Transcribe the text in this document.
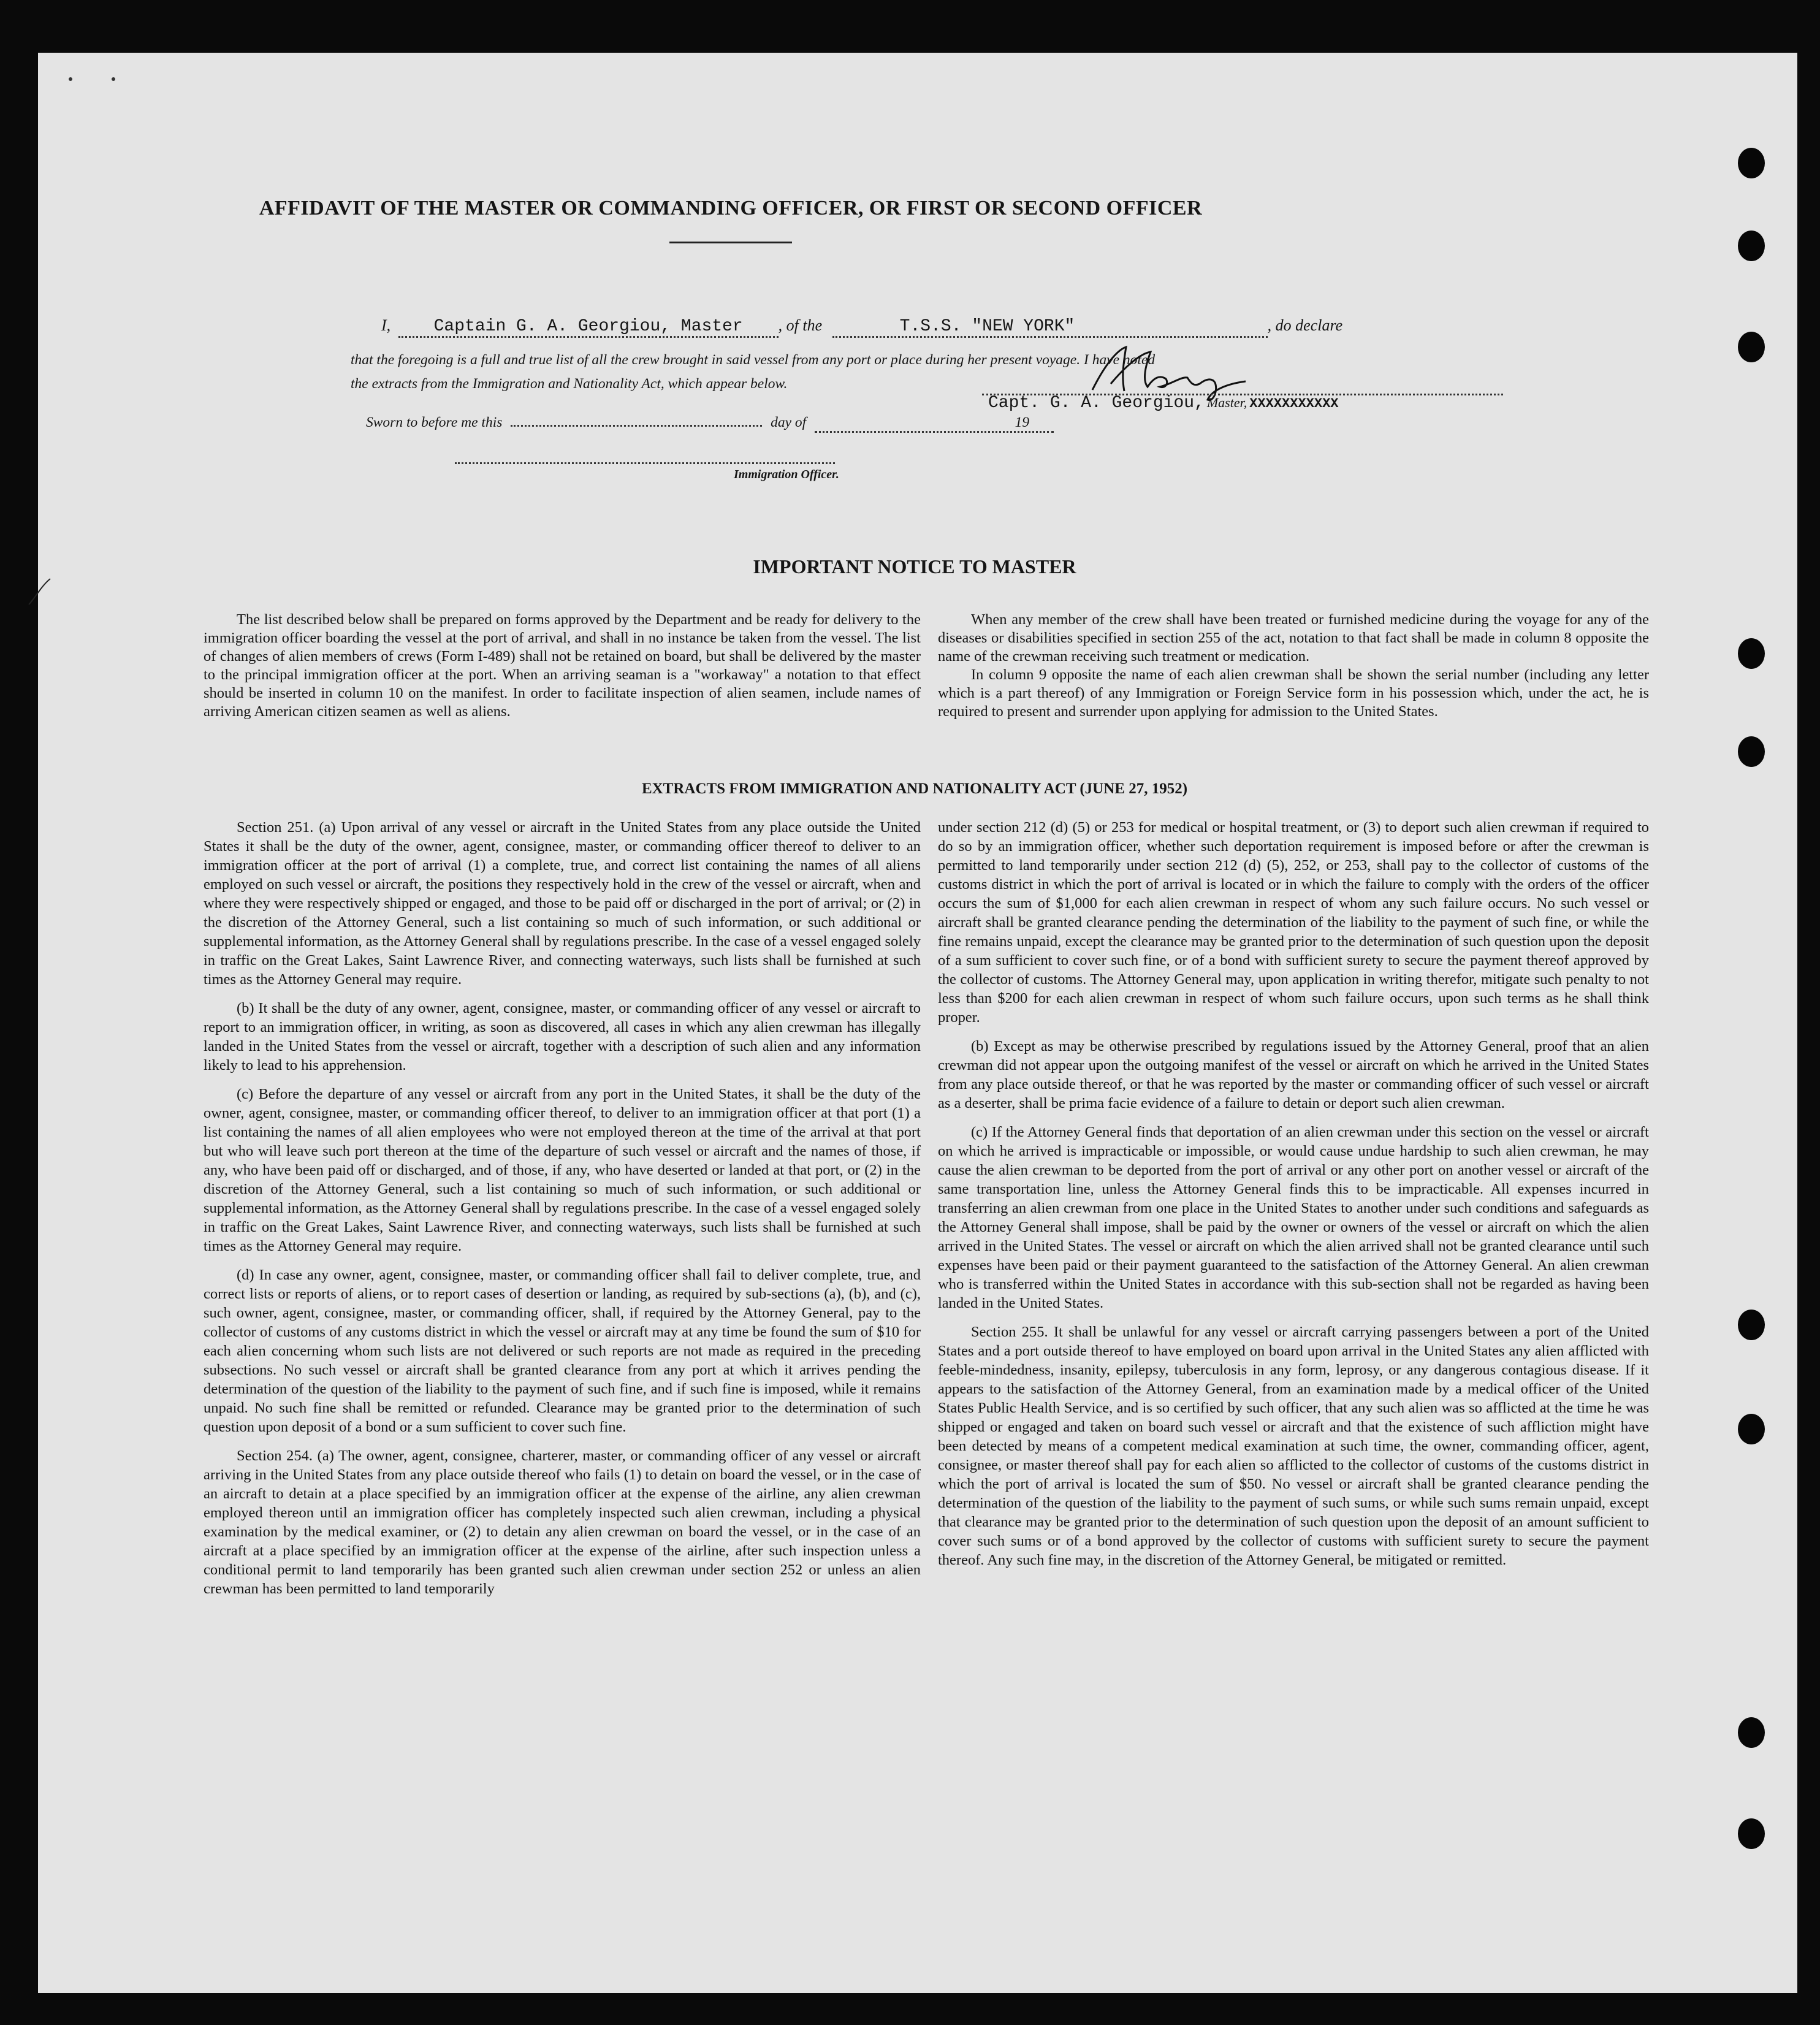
AFFIDAVIT OF THE MASTER OR COMMANDING OFFICER, OR FIRST OR SECOND OFFICER
I,	Captain G. A. Georgiou, Master , of the	T.S.S. "NEW YORK"	, do declare
that the foregoing is a full and true list of all the crew brought in said vessel from any port or place during her present voyage. I have noted
the extracts from the Immigration and Nationality Act, which appear below.
Capt. G. A. Georgiou, Master, XXXXXXXXXXX
Sworn to before me this	day of	19
Immigration Officer.
IMPORTANT NOTICE TO MASTER

The list described below shall be prepared on forms approved by the Department and be ready for delivery to the immigration officer boarding the vessel at the port of arrival, and shall in no instance be taken from the vessel. The list of changes of alien members of crews (Form I-489) shall not be retained on board, but shall be delivered by the master to the principal immigration officer at the port. When an arriving seaman is a "workaway" a notation to that effect should be inserted in column 10 on the manifest. In order to facilitate inspection of alien seamen, include names of arriving American citizen seamen as well as aliens.

When any member of the crew shall have been treated or furnished medicine during the voyage for any of the diseases or disabilities specified in section 255 of the act, notation to that fact shall be made in column 8 opposite the name of the crewman receiving such treatment or medication.

In column 9 opposite the name of each alien crewman shall be shown the serial number (including any letter which is a part thereof) of any Immigration or Foreign Service form in his possession which, under the act, he is required to present and surrender upon applying for admission to the United States.

EXTRACTS FROM IMMIGRATION AND NATIONALITY ACT (JUNE 27, 1952)

Section 251. (a) Upon arrival of any vessel or aircraft in the United States from any place outside the United States it shall be the duty of the owner, agent, consignee, master, or commanding officer thereof to deliver to an immigration officer at the port of arrival (1) a complete, true, and correct list containing the names of all aliens employed on such vessel or aircraft, the positions they respectively hold in the crew of the vessel or aircraft, when and where they were respectively shipped or engaged, and those to be paid off or discharged in the port of arrival; or (2) in the discretion of the Attorney General, such a list containing so much of such information, or such additional or supplemental information, as the Attorney General shall by regulations prescribe. In the case of a vessel engaged solely in traffic on the Great Lakes, Saint Lawrence River, and connecting waterways, such lists shall be furnished at such times as the Attorney General may require.

(b) It shall be the duty of any owner, agent, consignee, master, or commanding officer of any vessel or aircraft to report to an immigration officer, in writing, as soon as discovered, all cases in which any alien crewman has illegally landed in the United States from the vessel or aircraft, together with a description of such alien and any information likely to lead to his apprehension.

(c) Before the departure of any vessel or aircraft from any port in the United States, it shall be the duty of the owner, agent, consignee, master, or commanding officer thereof, to deliver to an immigration officer at that port (1) a list containing the names of all alien employees who were not employed thereon at the time of the arrival at that port but who will leave such port thereon at the time of the departure of such vessel or aircraft and the names of those, if any, who have been paid off or discharged, and of those, if any, who have deserted or landed at that port, or (2) in the discretion of the Attorney General, such a list containing so much of such information, or such additional or supplemental information, as the Attorney General shall by regulations prescribe. In the case of a vessel engaged solely in traffic on the Great Lakes, Saint Lawrence River, and connecting waterways, such lists shall be furnished at such times as the Attorney General may require.

(d) In case any owner, agent, consignee, master, or commanding officer shall fail to deliver complete, true, and correct lists or reports of aliens, or to report cases of desertion or landing, as required by sub-sections (a), (b), and (c), such owner, agent, consignee, master, or commanding officer, shall, if required by the Attorney General, pay to the collector of customs of any customs district in which the vessel or aircraft may at any time be found the sum of $10 for each alien concerning whom such lists are not delivered or such reports are not made as required in the preceding subsections. No such vessel or aircraft shall be granted clearance from any port at which it arrives pending the determination of the question of the liability to the payment of such fine, and if such fine is imposed, while it remains unpaid. No such fine shall be remitted or refunded. Clearance may be granted prior to the determination of such question upon deposit of a bond or a sum sufficient to cover such fine.

Section 254. (a) The owner, agent, consignee, charterer, master, or commanding officer of any vessel or aircraft arriving in the United States from any place outside thereof who fails (1) to detain on board the vessel, or in the case of an aircraft to detain at a place specified by an immigration officer at the expense of the airline, any alien crewman employed thereon until an immigration officer has completely inspected such alien crewman, including a physical examination by the medical examiner, or (2) to detain any alien crewman on board the vessel, or in the case of an aircraft at a place specified by an immigration officer at the expense of the airline, after such inspection unless a conditional permit to land temporarily has been granted such alien crewman under section 252 or unless an alien crewman has been permitted to land temporarily

under section 212 (d) (5) or 253 for medical or hospital treatment, or (3) to deport such alien crewman if required to do so by an immigration officer, whether such deportation requirement is imposed before or after the crewman is permitted to land temporarily under section 212 (d) (5), 252, or 253, shall pay to the collector of customs of the customs district in which the port of arrival is located or in which the failure to comply with the orders of the officer occurs the sum of $1,000 for each alien crewman in respect of whom any such failure occurs. No such vessel or aircraft shall be granted clearance pending the determination of the liability to the payment of such fine, or while the fine remains unpaid, except the clearance may be granted prior to the determination of such question upon the deposit of a sum sufficient to cover such fine, or of a bond with sufficient surety to secure the payment thereof approved by the collector of customs. The Attorney General may, upon application in writing therefor, mitigate such penalty to not less than $200 for each alien crewman in respect of whom such failure occurs, upon such terms as he shall think proper.

(b) Except as may be otherwise prescribed by regulations issued by the Attorney General, proof that an alien crewman did not appear upon the outgoing manifest of the vessel or aircraft on which he arrived in the United States from any place outside thereof, or that he was reported by the master or commanding officer of such vessel or aircraft as a deserter, shall be prima facie evidence of a failure to detain or deport such alien crewman.

(c) If the Attorney General finds that deportation of an alien crewman under this section on the vessel or aircraft on which he arrived is impracticable or impossible, or would cause undue hardship to such alien crewman, he may cause the alien crewman to be deported from the port of arrival or any other port on another vessel or aircraft of the same transportation line, unless the Attorney General finds this to be impracticable. All expenses incurred in transferring an alien crewman from one place in the United States to another under such conditions and safeguards as the Attorney General shall impose, shall be paid by the owner or owners of the vessel or aircraft on which the alien arrived in the United States. The vessel or aircraft on which the alien arrived shall not be granted clearance until such expenses have been paid or their payment guaranteed to the satisfaction of the Attorney General. An alien crewman who is transferred within the United States in accordance with this sub-section shall not be regarded as having been landed in the United States.

Section 255. It shall be unlawful for any vessel or aircraft carrying passengers between a port of the United States and a port outside thereof to have employed on board upon arrival in the United States any alien afflicted with feeble-mindedness, insanity, epilepsy, tuberculosis in any form, leprosy, or any dangerous contagious disease. If it appears to the satisfaction of the Attorney General, from an examination made by a medical officer of the United States Public Health Service, and is so certified by such officer, that any such alien was so afflicted at the time he was shipped or engaged and taken on board such vessel or aircraft and that the existence of such affliction might have been detected by means of a competent medical examination at such time, the owner, commanding officer, agent, consignee, or master thereof shall pay for each alien so afflicted to the collector of customs of the customs district in which the port of arrival is located the sum of $50. No vessel or aircraft shall be granted clearance pending the determination of the question of the liability to the payment of such sums, or while such sums remain unpaid, except that clearance may be granted prior to the determination of such question upon the deposit of an amount sufficient to cover such sums or of a bond approved by the collector of customs with sufficient surety to secure the payment thereof. Any such fine may, in the discretion of the Attorney General, be mitigated or remitted.
